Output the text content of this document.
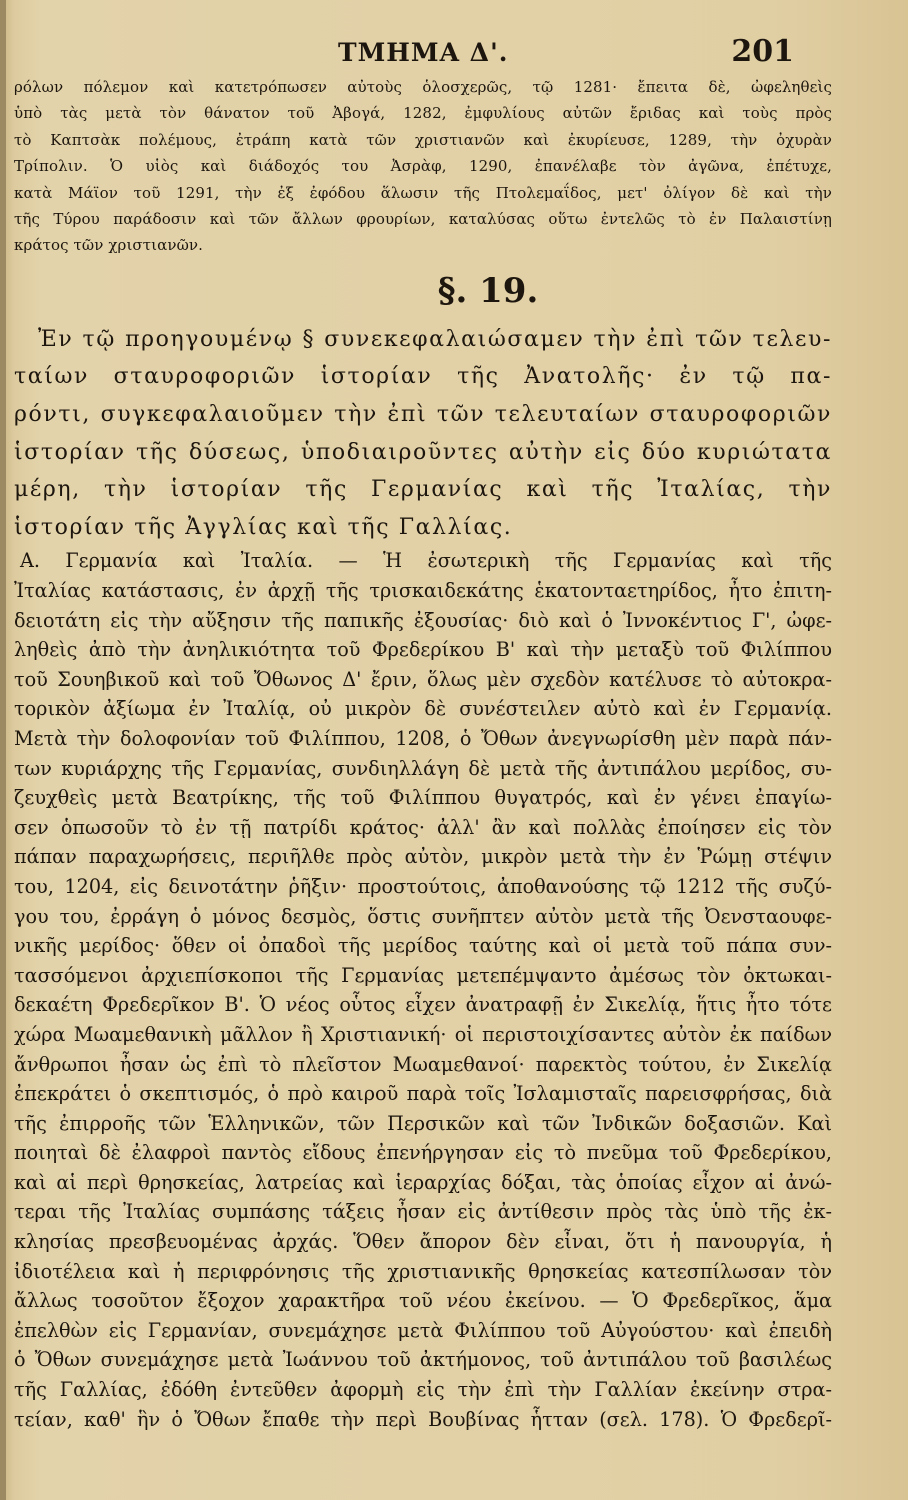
ΤΜΗΜΑ Δ'.	201
ρόλων πόλεμον καὶ κατετρόπωσεν αὐτοὺς ὁλοσχερῶς, τῷ 1281· ἔπειτα δὲ, ὠφεληθεὶς
ὑπὸ τὰς μετὰ τὸν θάνατον τοῦ Ἀβογά, 1282, ἐμφυλίους αὐτῶν ἔριδας καὶ τοὺς πρὸς
τὸ Καπτσὰκ πολέμους, ἐτράπη κατὰ τῶν χριστιανῶν καὶ ἐκυρίευσε, 1289, τὴν ὀχυρὰν
Τρίπολιν. Ὁ υἱὸς καὶ διάδοχός του Ἀσρὰφ, 1290, ἐπανέλαβε τὸν ἀγῶνα, ἐπέτυχε,
κατὰ Μάϊον τοῦ 1291, τὴν ἐξ ἐφόδου ἅλωσιν τῆς Πτολεμαΐδος, μετ' ὀλίγον δὲ καὶ τὴν
τῆς Τύρου παράδοσιν καὶ τῶν ἄλλων φρουρίων, καταλύσας οὕτω ἐντελῶς τὸ ἐν Παλαιστίνῃ
κράτος τῶν χριστιανῶν.
§. 19.
Ἐν τῷ προηγουμένῳ § συνεκεφαλαιώσαμεν τὴν ἐπὶ τῶν τελευ-
ταίων σταυροφοριῶν ἱστορίαν τῆς Ἀνατολῆς· ἐν τῷ πα-
ρόντι, συγκεφαλαιοῦμεν τὴν ἐπὶ τῶν τελευταίων σταυροφοριῶν
ἱστορίαν τῆς δύσεως, ὑποδιαιροῦντες αὐτὴν εἰς δύο κυριώτατα
μέρη, τὴν ἱστορίαν τῆς Γερμανίας καὶ τῆς Ἰταλίας, τὴν
ἱστορίαν τῆς Ἀγγλίας καὶ τῆς Γαλλίας.
Α. Γερμανία καὶ Ἰταλία. — Ἡ ἐσωτερικὴ τῆς Γερμανίας καὶ τῆς
Ἰταλίας κατάστασις, ἐν ἀρχῇ τῆς τρισκαιδεκάτης ἑκατονταετηρίδος, ἦτο ἐπιτη-
δειοτάτη εἰς τὴν αὔξησιν τῆς παπικῆς ἐξουσίας· διὸ καὶ ὁ Ἰννοκέντιος Γ', ὠφε-
ληθεὶς ἀπὸ τὴν ἀνηλικιότητα τοῦ Φρεδερίκου Β' καὶ τὴν μεταξὺ τοῦ Φιλίππου
τοῦ Σουηβικοῦ καὶ τοῦ Ὄθωνος Δ' ἔριν, ὅλως μὲν σχεδὸν κατέλυσε τὸ αὐτοκρα-
τορικὸν ἀξίωμα ἐν Ἰταλίᾳ, οὐ μικρὸν δὲ συνέστειλεν αὐτὸ καὶ ἐν Γερμανίᾳ.
Μετὰ τὴν δολοφονίαν τοῦ Φιλίππου, 1208, ὁ Ὄθων ἀνεγνωρίσθη μὲν παρὰ πάν-
των κυριάρχης τῆς Γερμανίας, συνδιηλλάγη δὲ μετὰ τῆς ἀντιπάλου μερίδος, συ-
ζευχθεὶς μετὰ Βεατρίκης, τῆς τοῦ Φιλίππου θυγατρός, καὶ ἐν γένει ἐπαγίω-
σεν ὁπωσοῦν τὸ ἐν τῇ πατρίδι κράτος· ἀλλ' ἂν καὶ πολλὰς ἐποίησεν εἰς τὸν
πάπαν παραχωρήσεις, περιῆλθε πρὸς αὐτὸν, μικρὸν μετὰ τὴν ἐν Ῥώμῃ στέψιν
του, 1204, εἰς δεινοτάτην ῥῆξιν· προστούτοις, ἀποθανούσης τῷ 1212 τῆς συζύ-
γου του, ἐρράγη ὁ μόνος δεσμὸς, ὅστις συνῆπτεν αὐτὸν μετὰ τῆς Ὀενσταουφε-
νικῆς μερίδος· ὅθεν οἱ ὀπαδοὶ τῆς μερίδος ταύτης καὶ οἱ μετὰ τοῦ πάπα συν-
τασσόμενοι ἀρχιεπίσκοποι τῆς Γερμανίας μετεπέμψαντο ἀμέσως τὸν ὀκτωκαι-
δεκαέτη Φρεδερῖκον Β'. Ὁ νέος οὗτος εἶχεν ἀνατραφῇ ἐν Σικελίᾳ, ἥτις ἦτο τότε
χώρα Μωαμεθανικὴ μᾶλλον ἢ Χριστιανική· οἱ περιστοιχίσαντες αὐτὸν ἐκ παίδων
ἄνθρωποι ἦσαν ὡς ἐπὶ τὸ πλεῖστον Μωαμεθανοί· παρεκτὸς τούτου, ἐν Σικελίᾳ
ἐπεκράτει ὁ σκεπτισμός, ὁ πρὸ καιροῦ παρὰ τοῖς Ἰσλαμισταῖς παρεισφρήσας, διὰ
τῆς ἐπιρροῆς τῶν Ἑλληνικῶν, τῶν Περσικῶν καὶ τῶν Ἰνδικῶν δοξασιῶν. Καὶ
ποιηταὶ δὲ ἐλαφροὶ παντὸς εἴδους ἐπενήργησαν εἰς τὸ πνεῦμα τοῦ Φρεδερίκου,
καὶ αἱ περὶ θρησκείας, λατρείας καὶ ἱεραρχίας δόξαι, τὰς ὁποίας εἶχον αἱ ἀνώ-
τεραι τῆς Ἰταλίας συμπάσης τάξεις ἦσαν εἰς ἀντίθεσιν πρὸς τὰς ὑπὸ τῆς ἐκ-
κλησίας πρεσβευομένας ἀρχάς. Ὅθεν ἄπορον δὲν εἶναι, ὅτι ἡ πανουργία, ἡ
ἰδιοτέλεια καὶ ἡ περιφρόνησις τῆς χριστιανικῆς θρησκείας κατεσπίλωσαν τὸν
ἄλλως τοσοῦτον ἔξοχον χαρακτῆρα τοῦ νέου ἐκείνου. — Ὁ Φρεδερῖκος, ἅμα
ἐπελθὼν εἰς Γερμανίαν, συνεμάχησε μετὰ Φιλίππου τοῦ Αὐγούστου· καὶ ἐπειδὴ
ὁ Ὄθων συνεμάχησε μετὰ Ἰωάννου τοῦ ἀκτήμονος, τοῦ ἀντιπάλου τοῦ βασιλέως
τῆς Γαλλίας, ἐδόθη ἐντεῦθεν ἀφορμὴ εἰς τὴν ἐπὶ τὴν Γαλλίαν ἐκείνην στρα-
τείαν, καθ' ἣν ὁ Ὄθων ἔπαθε τὴν περὶ Βουβίνας ἧτταν (σελ. 178). Ὁ Φρεδερῖ-
